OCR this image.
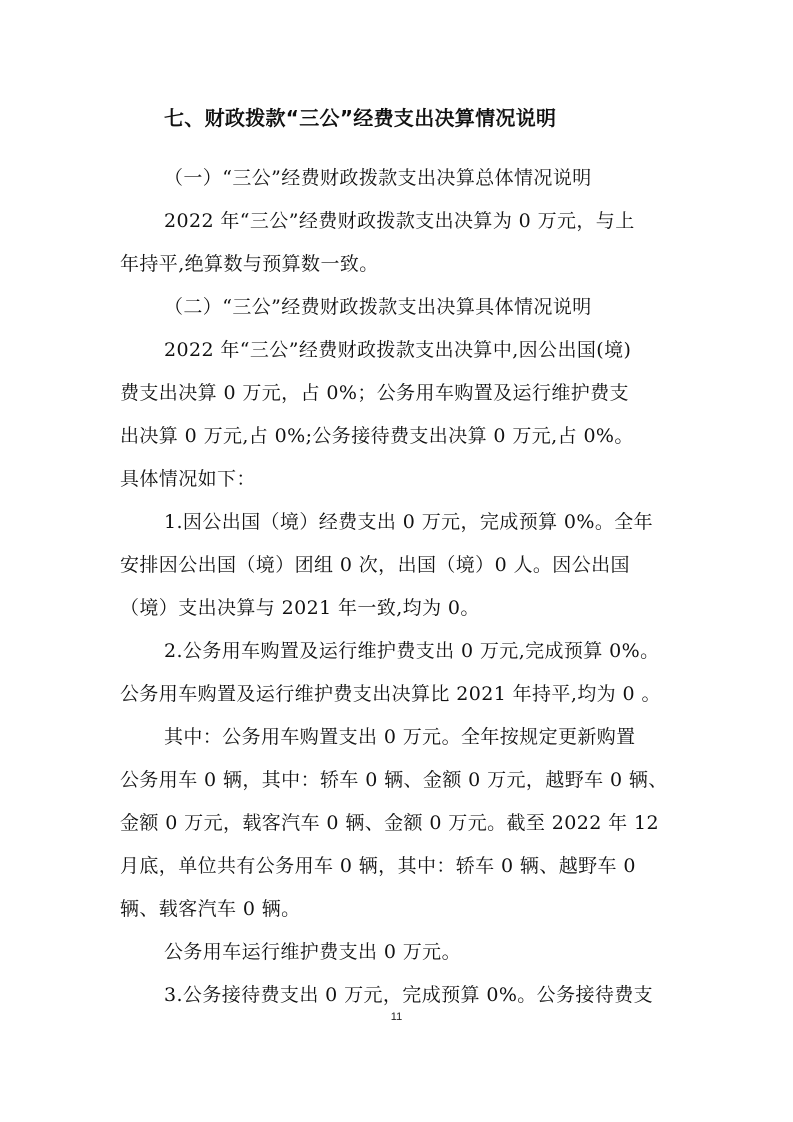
七、财政拨款“三公”经费支出决算情况说明
（一）“三公”经费财政拨款支出决算总体情况说明
2022 年“三公”经费财政拨款支出决算为 0 万元，与上
年持平,绝算数与预算数一致。
（二）“三公”经费财政拨款支出决算具体情况说明
2022 年“三公”经费财政拨款支出决算中,因公出国(境)
费支出决算 0 万元，占 0%；公务用车购置及运行维护费支
出决算 0 万元,占 0%;公务接待费支出决算 0 万元,占 0%。
具体情况如下：
1.因公出国（境）经费支出 0 万元，完成预算 0%。全年
安排因公出国（境）团组 0 次，出国（境）0 人。因公出国
（境）支出决算与 2021 年一致,均为 0。
2.公务用车购置及运行维护费支出 0 万元,完成预算 0%。
公务用车购置及运行维护费支出决算比 2021 年持平,均为 0 。
其中：公务用车购置支出 0 万元。全年按规定更新购置
公务用车 0 辆，其中：轿车 0 辆、金额 0 万元，越野车 0 辆、
金额 0 万元，载客汽车 0 辆、金额 0 万元。截至 2022 年 12
月底，单位共有公务用车 0 辆，其中：轿车 0 辆、越野车 0
辆、载客汽车 0 辆。
公务用车运行维护费支出 0 万元。
3.公务接待费支出 0 万元，完成预算 0%。公务接待费支
11
